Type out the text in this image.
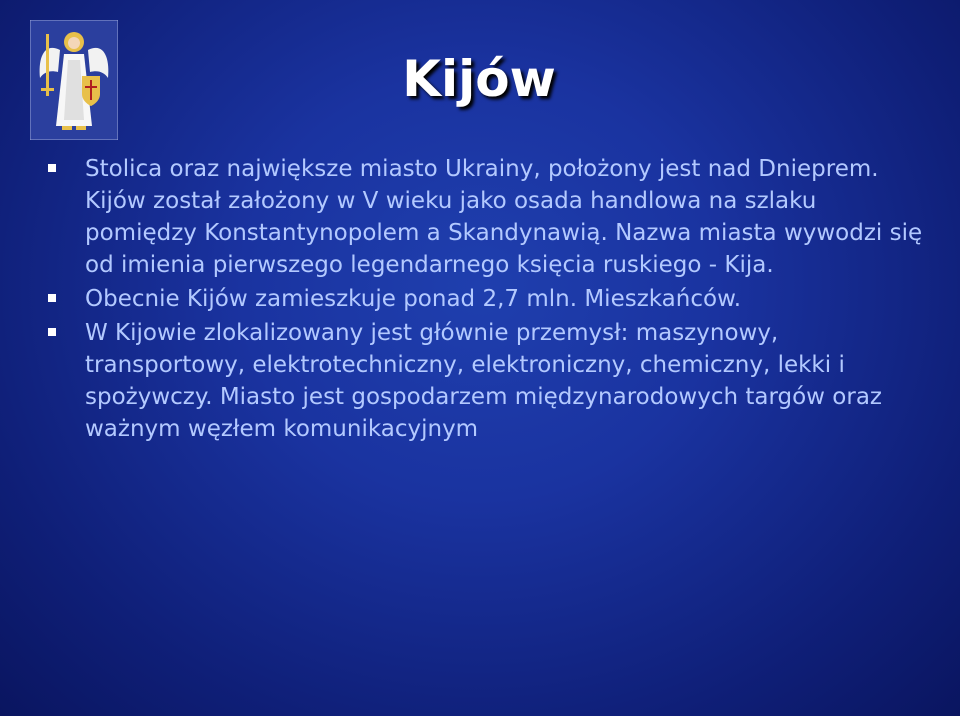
Kijów
Stolica oraz największe miasto Ukrainy, położony jest nad Dnieprem. Kijów został założony w V wieku jako osada handlowa na szlaku pomiędzy Konstantynopolem a Skandynawią. Nazwa miasta wywodzi się od imienia pierwszego legendarnego księcia ruskiego - Kija.
Obecnie Kijów zamieszkuje ponad 2,7 mln. Mieszkańców.
W Kijowie zlokalizowany jest głównie przemysł: maszynowy, transportowy, elektrotechniczny, elektroniczny, chemiczny, lekki i spożywczy. Miasto jest gospodarzem międzynarodowych targów oraz ważnym węzłem komunikacyjnym
